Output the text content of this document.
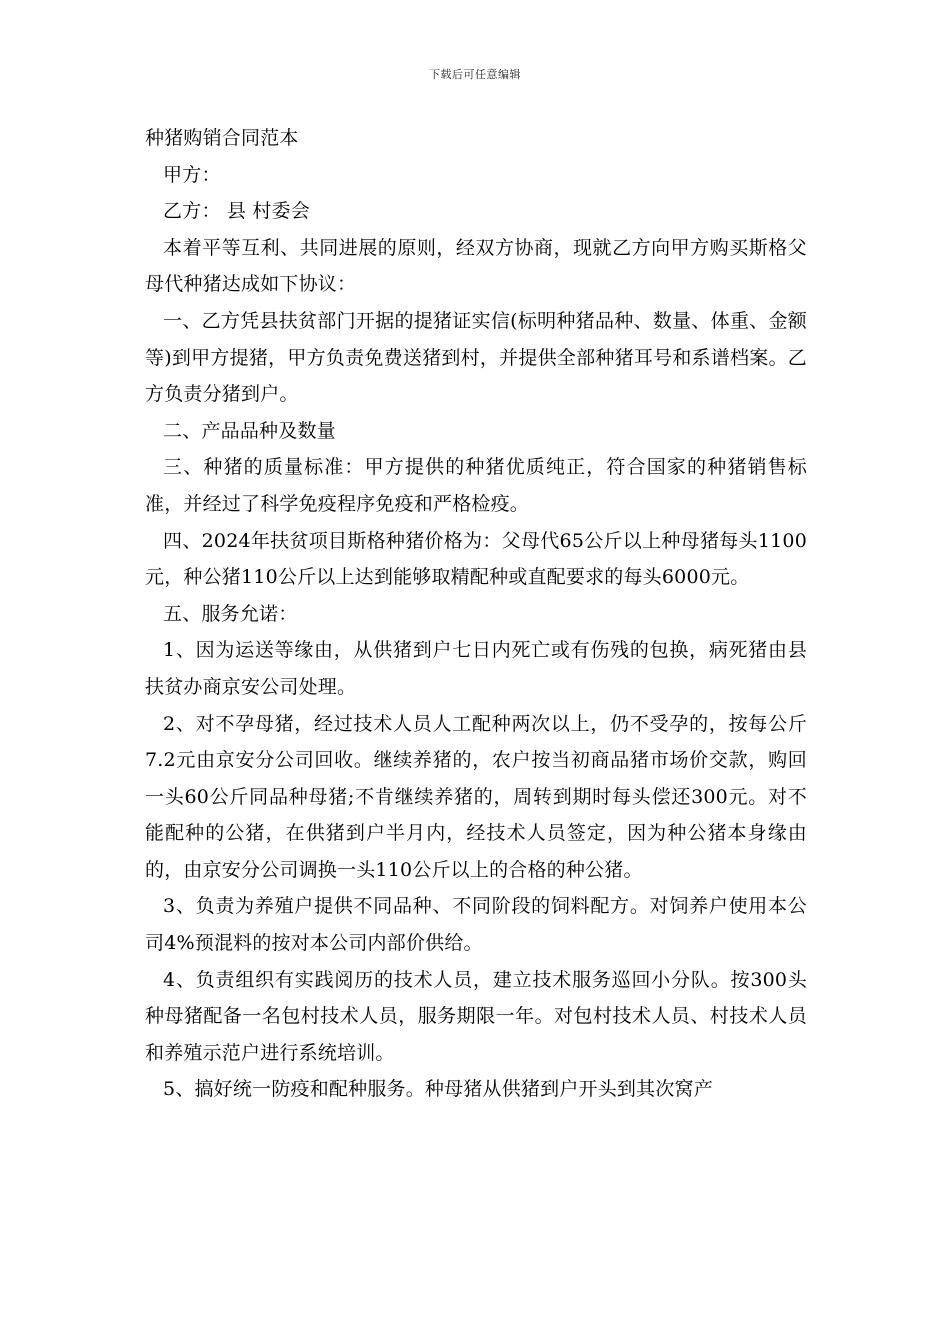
下载后可任意编辑
种猪购销合同范本

甲方：

乙方： 县 村委会

本着平等互利、共同进展的原则，经双方协商，现就乙方向甲方购买斯格父母代种猪达成如下协议：

一、乙方凭县扶贫部门开据的提猪证实信(标明种猪品种、数量、体重、金额等)到甲方提猪，甲方负责免费送猪到村，并提供全部种猪耳号和系谱档案。乙方负责分猪到户。

二、产品品种及数量

三、种猪的质量标准：甲方提供的种猪优质纯正，符合国家的种猪销售标准，并经过了科学免疫程序免疫和严格检疫。

四、2024年扶贫项目斯格种猪价格为：父母代65公斤以上种母猪每头1100元，种公猪110公斤以上达到能够取精配种或直配要求的每头6000元。

五、服务允诺：

1、因为运送等缘由，从供猪到户七日内死亡或有伤残的包换，病死猪由县扶贫办商京安公司处理。

2、对不孕母猪，经过技术人员人工配种两次以上，仍不受孕的，按每公斤7.2元由京安分公司回收。继续养猪的，农户按当初商品猪市场价交款，购回一头60公斤同品种母猪;不肯继续养猪的，周转到期时每头偿还300元。对不能配种的公猪，在供猪到户半月内，经技术人员签定，因为种公猪本身缘由的，由京安分公司调换一头110公斤以上的合格的种公猪。

3、负责为养殖户提供不同品种、不同阶段的饲料配方。对饲养户使用本公司4%预混料的按对本公司内部价供给。

4、负责组织有实践阅历的技术人员，建立技术服务巡回小分队。按300头种母猪配备一名包村技术人员，服务期限一年。对包村技术人员、村技术人员和养殖示范户进行系统培训。

5、搞好统一防疫和配种服务。种母猪从供猪到户开头到其次窝产
